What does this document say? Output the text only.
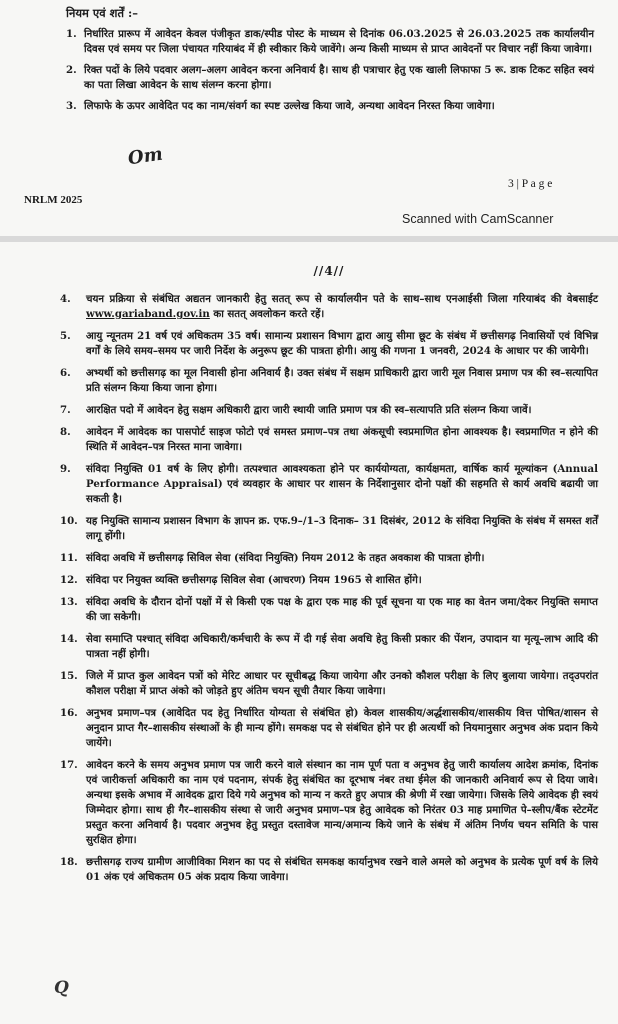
नियम एवं शर्तें :–
1. निर्धारित प्रारूप में आवेदन केवल पंजीकृत डाक/स्पीड पोस्ट के माध्यम से दिनांक 06.03.2025 से 26.03.2025 तक कार्यालयीन दिवस एवं समय पर जिला पंचायत गरियाबंद में ही स्वीकार किये जावेंगे। अन्य किसी माध्यम से प्राप्त आवेदनों पर विचार नहीं किया जावेगा।
2. रिक्त पदों के लिये पदवार अलग–अलग आवेदन करना अनिवार्य है। साथ ही पत्राचार हेतु एक खाली लिफाफा 5 रू. डाक टिकट सहित स्वयं का पता लिखा आवेदन के साथ संलग्न करना होगा।
3. लिफाफे के ऊपर आवेदित पद का नाम/संवर्ग का स्पष्ट उल्लेख किया जावे, अन्यथा आवेदन निरस्त किया जावेगा।
Om
NRLM 2025
3 | P a g e
Scanned with CamScanner
//4//
4. चयन प्रक्रिया से संबंधित अद्यतन जानकारी हेतु सतत् रूप से कार्यालयीन पते के साथ–साथ एनआईसी जिला गरियाबंद की वेबसाईट www.gariaband.gov.in का सतत् अवलोकन करते रहें।
5. आयु न्यूनतम 21 वर्ष एवं अधिकतम 35 वर्ष। सामान्य प्रशासन विभाग द्वारा आयु सीमा छूट के संबंध में छत्तीसगढ़ निवासियों एवं विभिन्न वर्गों के लिये समय–समय पर जारी निर्देश के अनुरूप छूट की पात्रता होगी। आयु की गणना 1 जनवरी, 2024 के आधार पर की जायेगी।
6. अभ्यर्थी को छत्तीसगढ़ का मूल निवासी होना अनिवार्य है। उक्त संबंध में सक्षम प्राधिकारी द्वारा जारी मूल निवास प्रमाण पत्र की स्व–सत्यापित प्रति संलग्न किया किया जाना होगा।
7. आरक्षित पदो में आवेदन हेतु सक्षम अधिकारी द्वारा जारी स्थायी जाति प्रमाण पत्र की स्व–सत्यापति प्रति संलग्न किया जावें।
8. आवेदन में आवेदक का पासपोर्ट साइज फोटो एवं समस्त प्रमाण–पत्र तथा अंकसूची स्वप्रमाणित होना आवश्यक है। स्वप्रमाणित न होने की स्थिति में आवेदन–पत्र निरस्त माना जावेगा।
9. संविदा नियुक्ति 01 वर्ष के लिए होगी। तत्पश्चात आवश्यकता होने पर कार्ययोग्यता, कार्यक्षमता, वार्षिक कार्य मूल्यांकन (Annual Performance Appraisal) एवं व्यवहार के आधार पर शासन के निर्देशानुसार दोनो पक्षों की सहमति से कार्य अवधि बढायी जा सकती है।
10. यह नियुक्ति सामान्य प्रशासन विभाग के ज्ञापन क्र. एफ.9–/1–3 दिनाक– 31 दिसंबंर, 2012 के संविदा नियुक्ति के संबंध में समस्त शर्तें लागू होंगी।
11. संविदा अवधि में छत्तीसगढ़ सिविल सेवा (संविदा नियुक्ति) नियम 2012 के तहत अवकाश की पात्रता होगी।
12. संविदा पर नियुक्त व्यक्ति छत्तीसगढ़ सिविल सेवा (आचरण) नियम 1965 से शासित होंगे।
13. संविदा अवधि के दौरान दोनों पक्षों में से किसी एक पक्ष के द्वारा एक माह की पूर्व सूचना या एक माह का वेतन जमा/देकर नियुक्ति समाप्त की जा सकेगी।
14. सेवा समाप्ति पश्चात् संविदा अधिकारी/कर्मचारी के रूप में दी गई सेवा अवधि हेतु किसी प्रकार की पेंशन, उपादान या मृत्यू–लाभ आदि की पात्रता नहीं होगी।
15. जिले में प्राप्त कुल आवेदन पत्रों को मेरिट आधार पर सूचीबद्ध किया जायेगा और उनको कौशल परीक्षा के लिए बुलाया जायेगा। तद्उपरांत कौशल परीक्षा में प्राप्त अंको को जोड़ते हुए अंतिम चयन सूची तैयार किया जावेगा।
16. अनुभव प्रमाण–पत्र (आवेदित पद हेतु निर्धारित योग्यता से संबंधित हो) केवल शासकीय/अर्द्धशासकीय/शासकीय वित्त पोषित/शासन से अनुदान प्राप्त गैर–शासकीय संस्थाओं के ही मान्य होंगे। समकक्ष पद से संबंधित होने पर ही अत्यर्थी को नियमानुसार अनुभव अंक प्रदान किये जायेंगे।
17. आवेदन करने के समय अनुभव प्रमाण पत्र जारी करने वाले संस्थान का नाम पूर्ण पता व अनुभव हेतु जारी कार्यालय आदेश क्रमांक, दिनांक एवं जारीकर्त्ता अधिकारी का नाम एवं पदनाम, संपर्क हेतु संबंधित का दूरभाष नंबर तथा ईमेल की जानकारी अनिवार्य रूप से दिया जावे। अन्यथा इसके अभाव में आवेदक द्वारा दिये गये अनुभव को मान्य न करते हुए अपात्र की श्रेणी में रखा जायेगा। जिसके लिये आवेदक ही स्वयं जिम्मेदार होगा। साथ ही गैर–शासकीय संस्था से जारी अनुभव प्रमाण–पत्र हेतु आवेदक को निरंतर 03 माह प्रमाणित पे–स्लीप/बैंक स्टेटमेंट प्रस्तुत करना अनिवार्य है। पदवार अनुभव हेतु प्रस्तुत दस्तावेज मान्य/अमान्य किये जाने के संबंध में अंतिम निर्णय चयन समिति के पास सुरक्षित होगा।
18. छत्तीसगढ़ राज्य ग्रामीण आजीविका मिशन का पद से संबंधित समकक्ष कार्यानुभव रखने वाले अमले को अनुभव के प्रत्येक पूर्ण वर्ष के लिये 01 अंक एवं अधिकतम 05 अंक प्रदाय किया जावेगा।
Q
